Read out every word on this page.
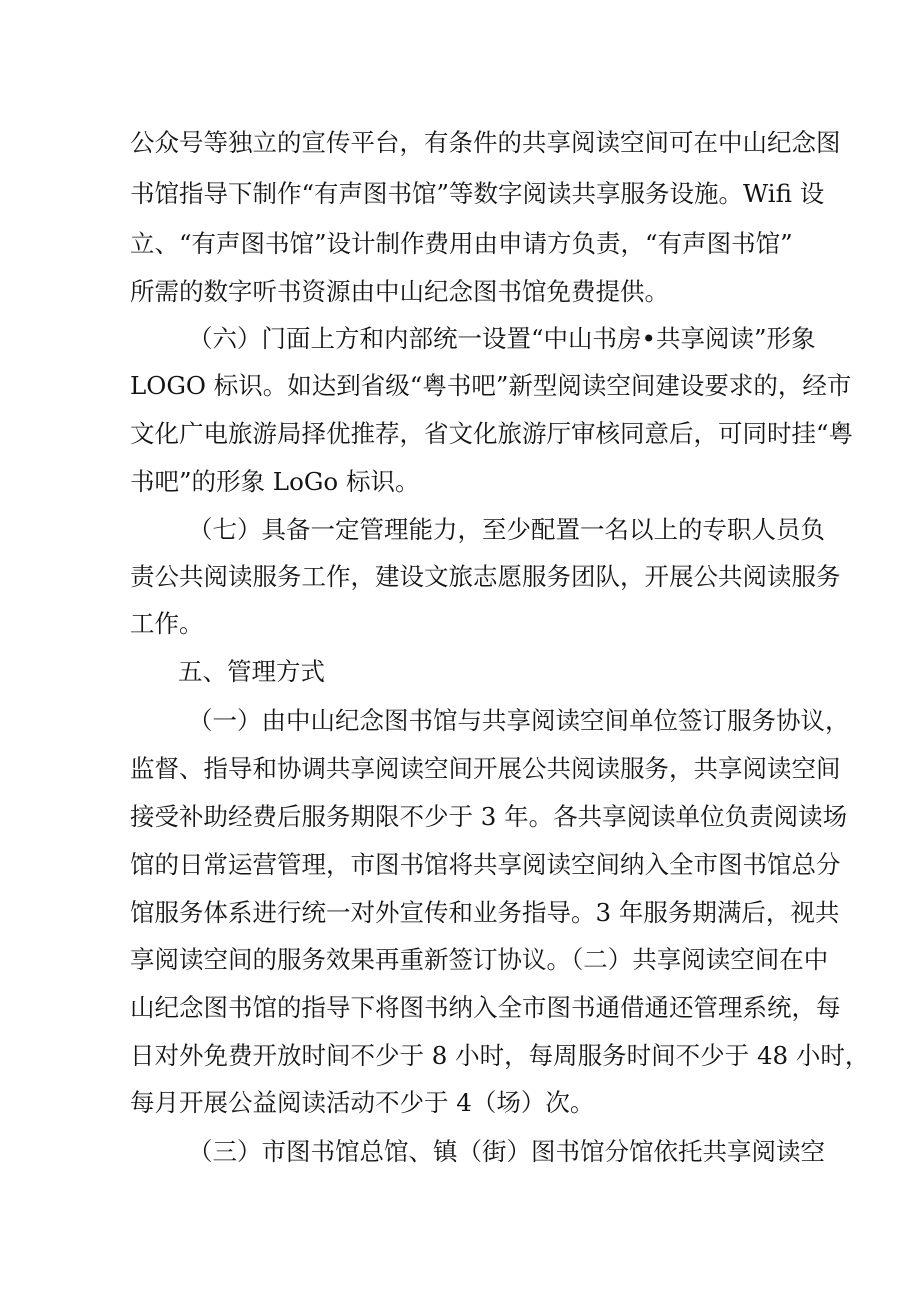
公众号等独立的宣传平台，有条件的共享阅读空间可在中山纪念图
书馆指导下制作“有声图书馆”等数字阅读共享服务设施。Wifi 设
立、“有声图书馆”设计制作费用由申请方负责，“有声图书馆”
所需的数字听书资源由中山纪念图书馆免费提供。
（六）门面上方和内部统一设置“中山书房•共享阅读”形象
LOGO 标识。如达到省级“粤书吧”新型阅读空间建设要求的，经市
文化广电旅游局择优推荐，省文化旅游厅审核同意后，可同时挂“粤
书吧”的形象 LoGo 标识。
（七）具备一定管理能力，至少配置一名以上的专职人员负
责公共阅读服务工作，建设文旅志愿服务团队，开展公共阅读服务
工作。
五、管理方式
（一）由中山纪念图书馆与共享阅读空间单位签订服务协议，
监督、指导和协调共享阅读空间开展公共阅读服务，共享阅读空间
接受补助经费后服务期限不少于 3 年。各共享阅读单位负责阅读场
馆的日常运营管理，市图书馆将共享阅读空间纳入全市图书馆总分
馆服务体系进行统一对外宣传和业务指导。3 年服务期满后，视共
享阅读空间的服务效果再重新签订协议。（二）共享阅读空间在中
山纪念图书馆的指导下将图书纳入全市图书通借通还管理系统，每
日对外免费开放时间不少于 8 小时，每周服务时间不少于 48 小时，
每月开展公益阅读活动不少于 4（场）次。
（三）市图书馆总馆、镇（街）图书馆分馆依托共享阅读空
